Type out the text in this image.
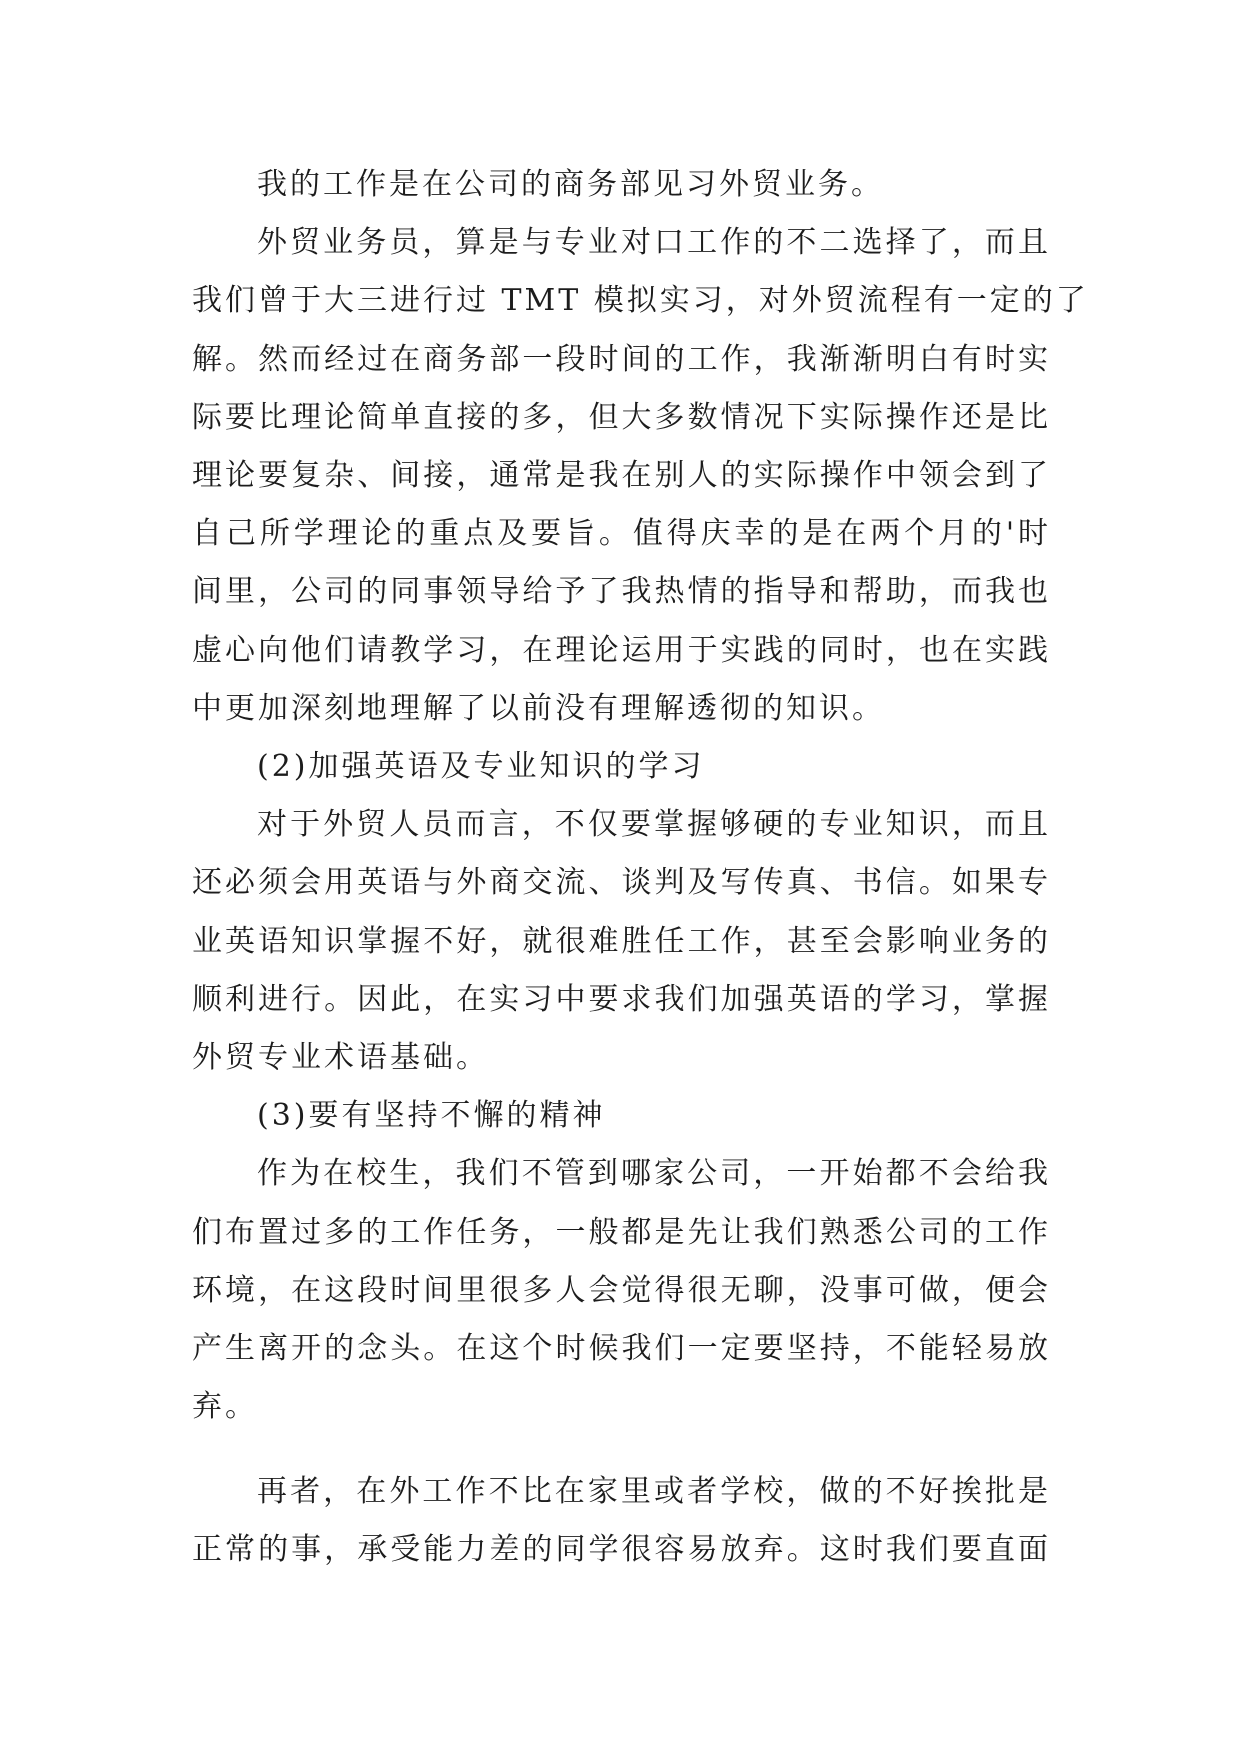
我的工作是在公司的商务部见习外贸业务。
外贸业务员，算是与专业对口工作的不二选择了，而且
我们曾于大三进行过 TMT 模拟实习，对外贸流程有一定的了
解。然而经过在商务部一段时间的工作，我渐渐明白有时实
际要比理论简单直接的多，但大多数情况下实际操作还是比
理论要复杂、间接，通常是我在别人的实际操作中领会到了
自己所学理论的重点及要旨。值得庆幸的是在两个月的'时
间里，公司的同事领导给予了我热情的指导和帮助，而我也
虚心向他们请教学习，在理论运用于实践的同时，也在实践
中更加深刻地理解了以前没有理解透彻的知识。
(2)加强英语及专业知识的学习
对于外贸人员而言，不仅要掌握够硬的专业知识，而且
还必须会用英语与外商交流、谈判及写传真、书信。如果专
业英语知识掌握不好，就很难胜任工作，甚至会影响业务的
顺利进行。因此，在实习中要求我们加强英语的学习，掌握
外贸专业术语基础。
(3)要有坚持不懈的精神
作为在校生，我们不管到哪家公司，一开始都不会给我
们布置过多的工作任务，一般都是先让我们熟悉公司的工作
环境，在这段时间里很多人会觉得很无聊，没事可做，便会
产生离开的念头。在这个时候我们一定要坚持，不能轻易放
弃。
再者，在外工作不比在家里或者学校，做的不好挨批是
正常的事，承受能力差的同学很容易放弃。这时我们要直面
